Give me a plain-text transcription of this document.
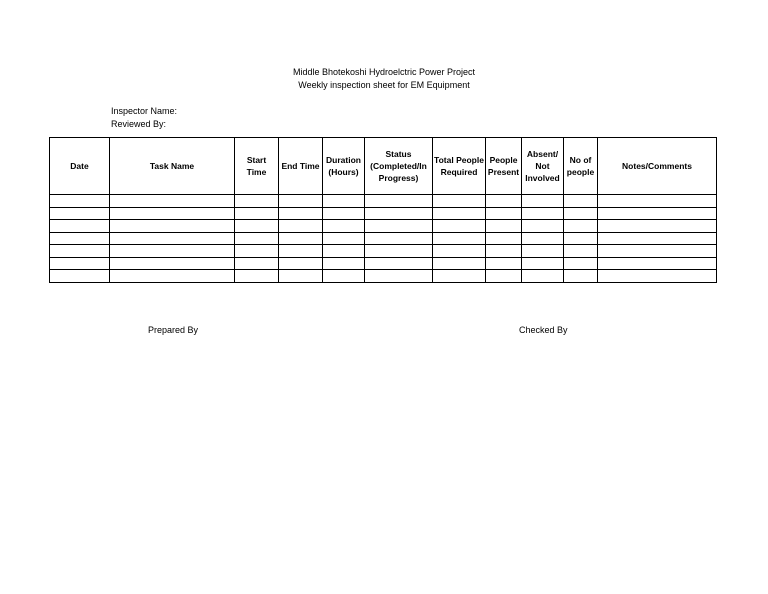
Middle Bhotekoshi Hydroelctric Power Project
Weekly inspection sheet for EM Equipment
Inspector Name:
Reviewed By:
Date	Task Name	Start Time	End Time	Duration (Hours)	Status (Completed/In Progress)	Total People Required	People Present	Absent/ Not Involved	No of people	Notes/Comments

Prepared By	Checked By
